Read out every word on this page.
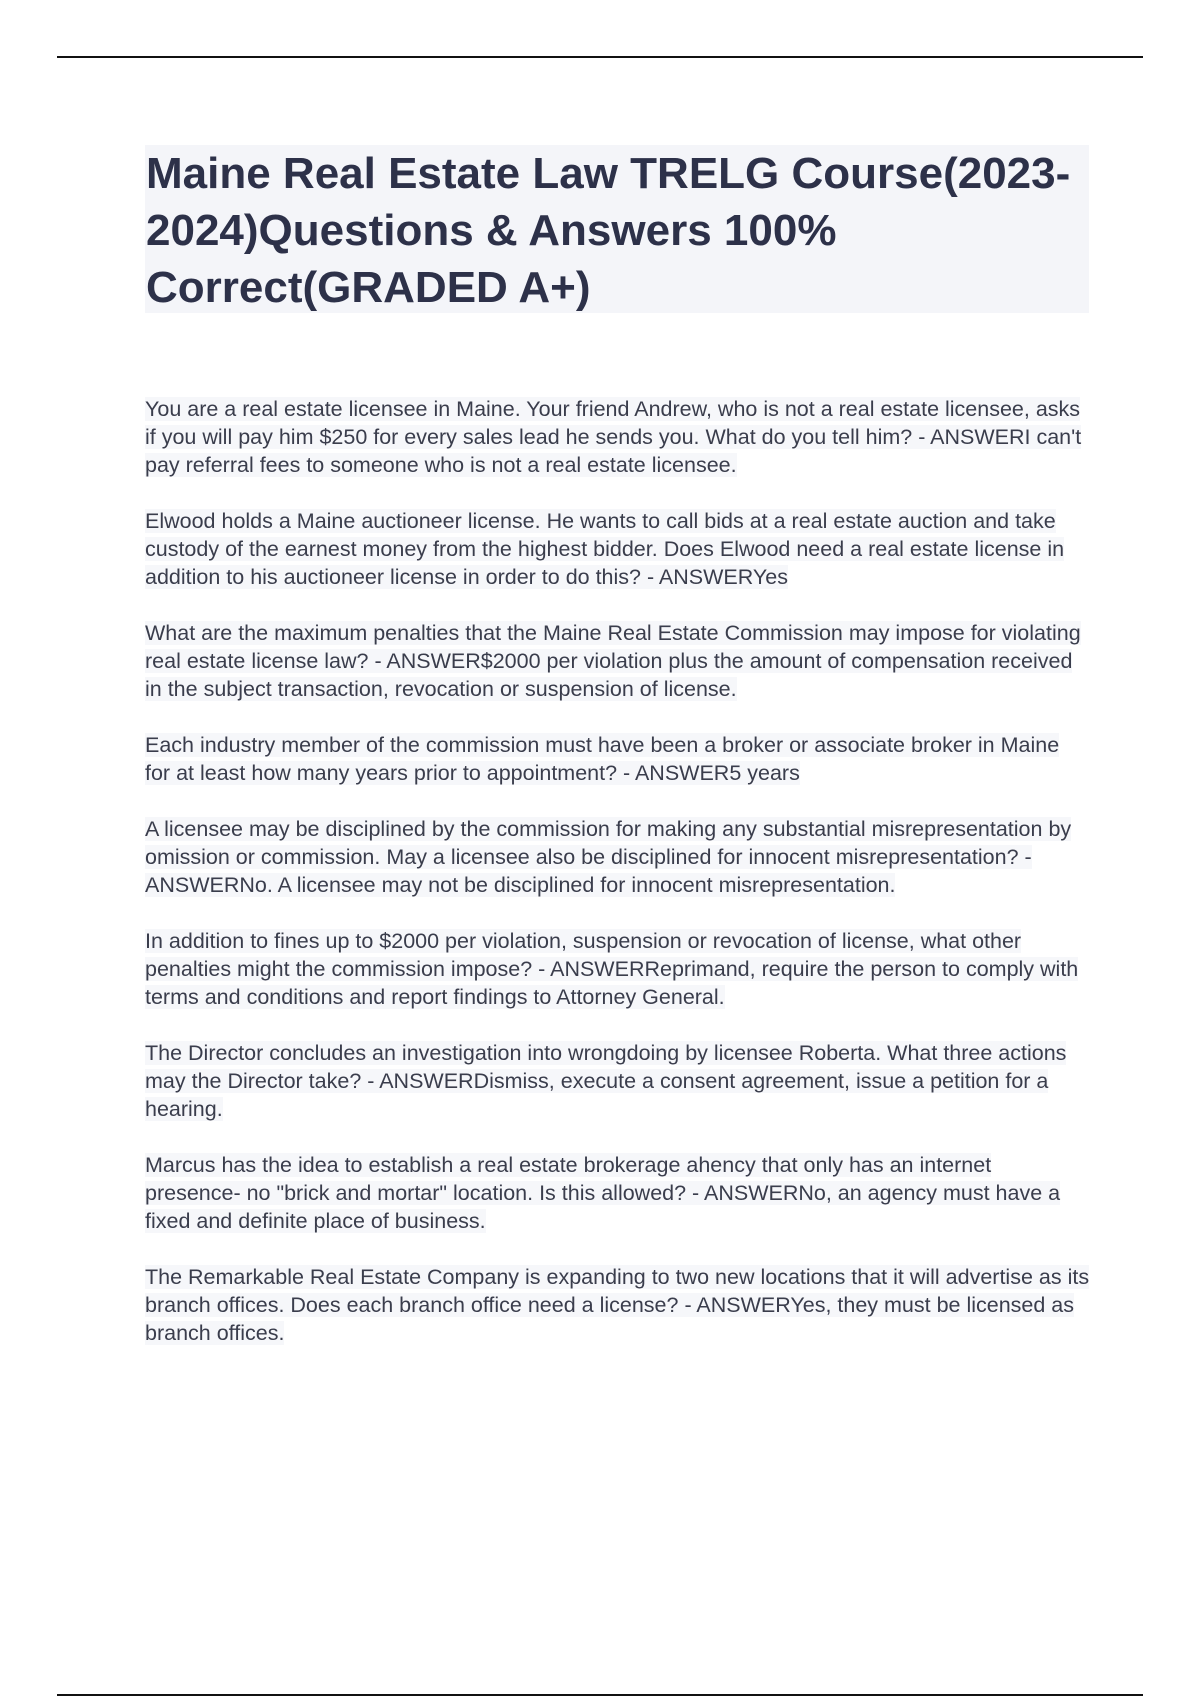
Maine Real Estate Law TRELG Course(2023-2024)Questions & Answers 100% Correct(GRADED A+)

You are a real estate licensee in Maine. Your friend Andrew, who is not a real estate licensee, asks if you will pay him $250 for every sales lead he sends you. What do you tell him? - ANSWERI can't pay referral fees to someone who is not a real estate licensee.

Elwood holds a Maine auctioneer license. He wants to call bids at a real estate auction and take custody of the earnest money from the highest bidder. Does Elwood need a real estate license in addition to his auctioneer license in order to do this? - ANSWERYes

What are the maximum penalties that the Maine Real Estate Commission may impose for violating real estate license law? - ANSWER$2000 per violation plus the amount of compensation received in the subject transaction, revocation or suspension of license.

Each industry member of the commission must have been a broker or associate broker in Maine for at least how many years prior to appointment? - ANSWER5 years

A licensee may be disciplined by the commission for making any substantial misrepresentation by omission or commission. May a licensee also be disciplined for innocent misrepresentation? - ANSWERNo. A licensee may not be disciplined for innocent misrepresentation.

In addition to fines up to $2000 per violation, suspension or revocation of license, what other penalties might the commission impose? - ANSWERReprimand, require the person to comply with terms and conditions and report findings to Attorney General.

The Director concludes an investigation into wrongdoing by licensee Roberta. What three actions may the Director take? - ANSWERDismiss, execute a consent agreement, issue a petition for a hearing.

Marcus has the idea to establish a real estate brokerage ahency that only has an internet presence- no "brick and mortar" location. Is this allowed? - ANSWERNo, an agency must have a fixed and definite place of business.

The Remarkable Real Estate Company is expanding to two new locations that it will advertise as its branch offices. Does each branch office need a license? - ANSWERYes, they must be licensed as branch offices.
